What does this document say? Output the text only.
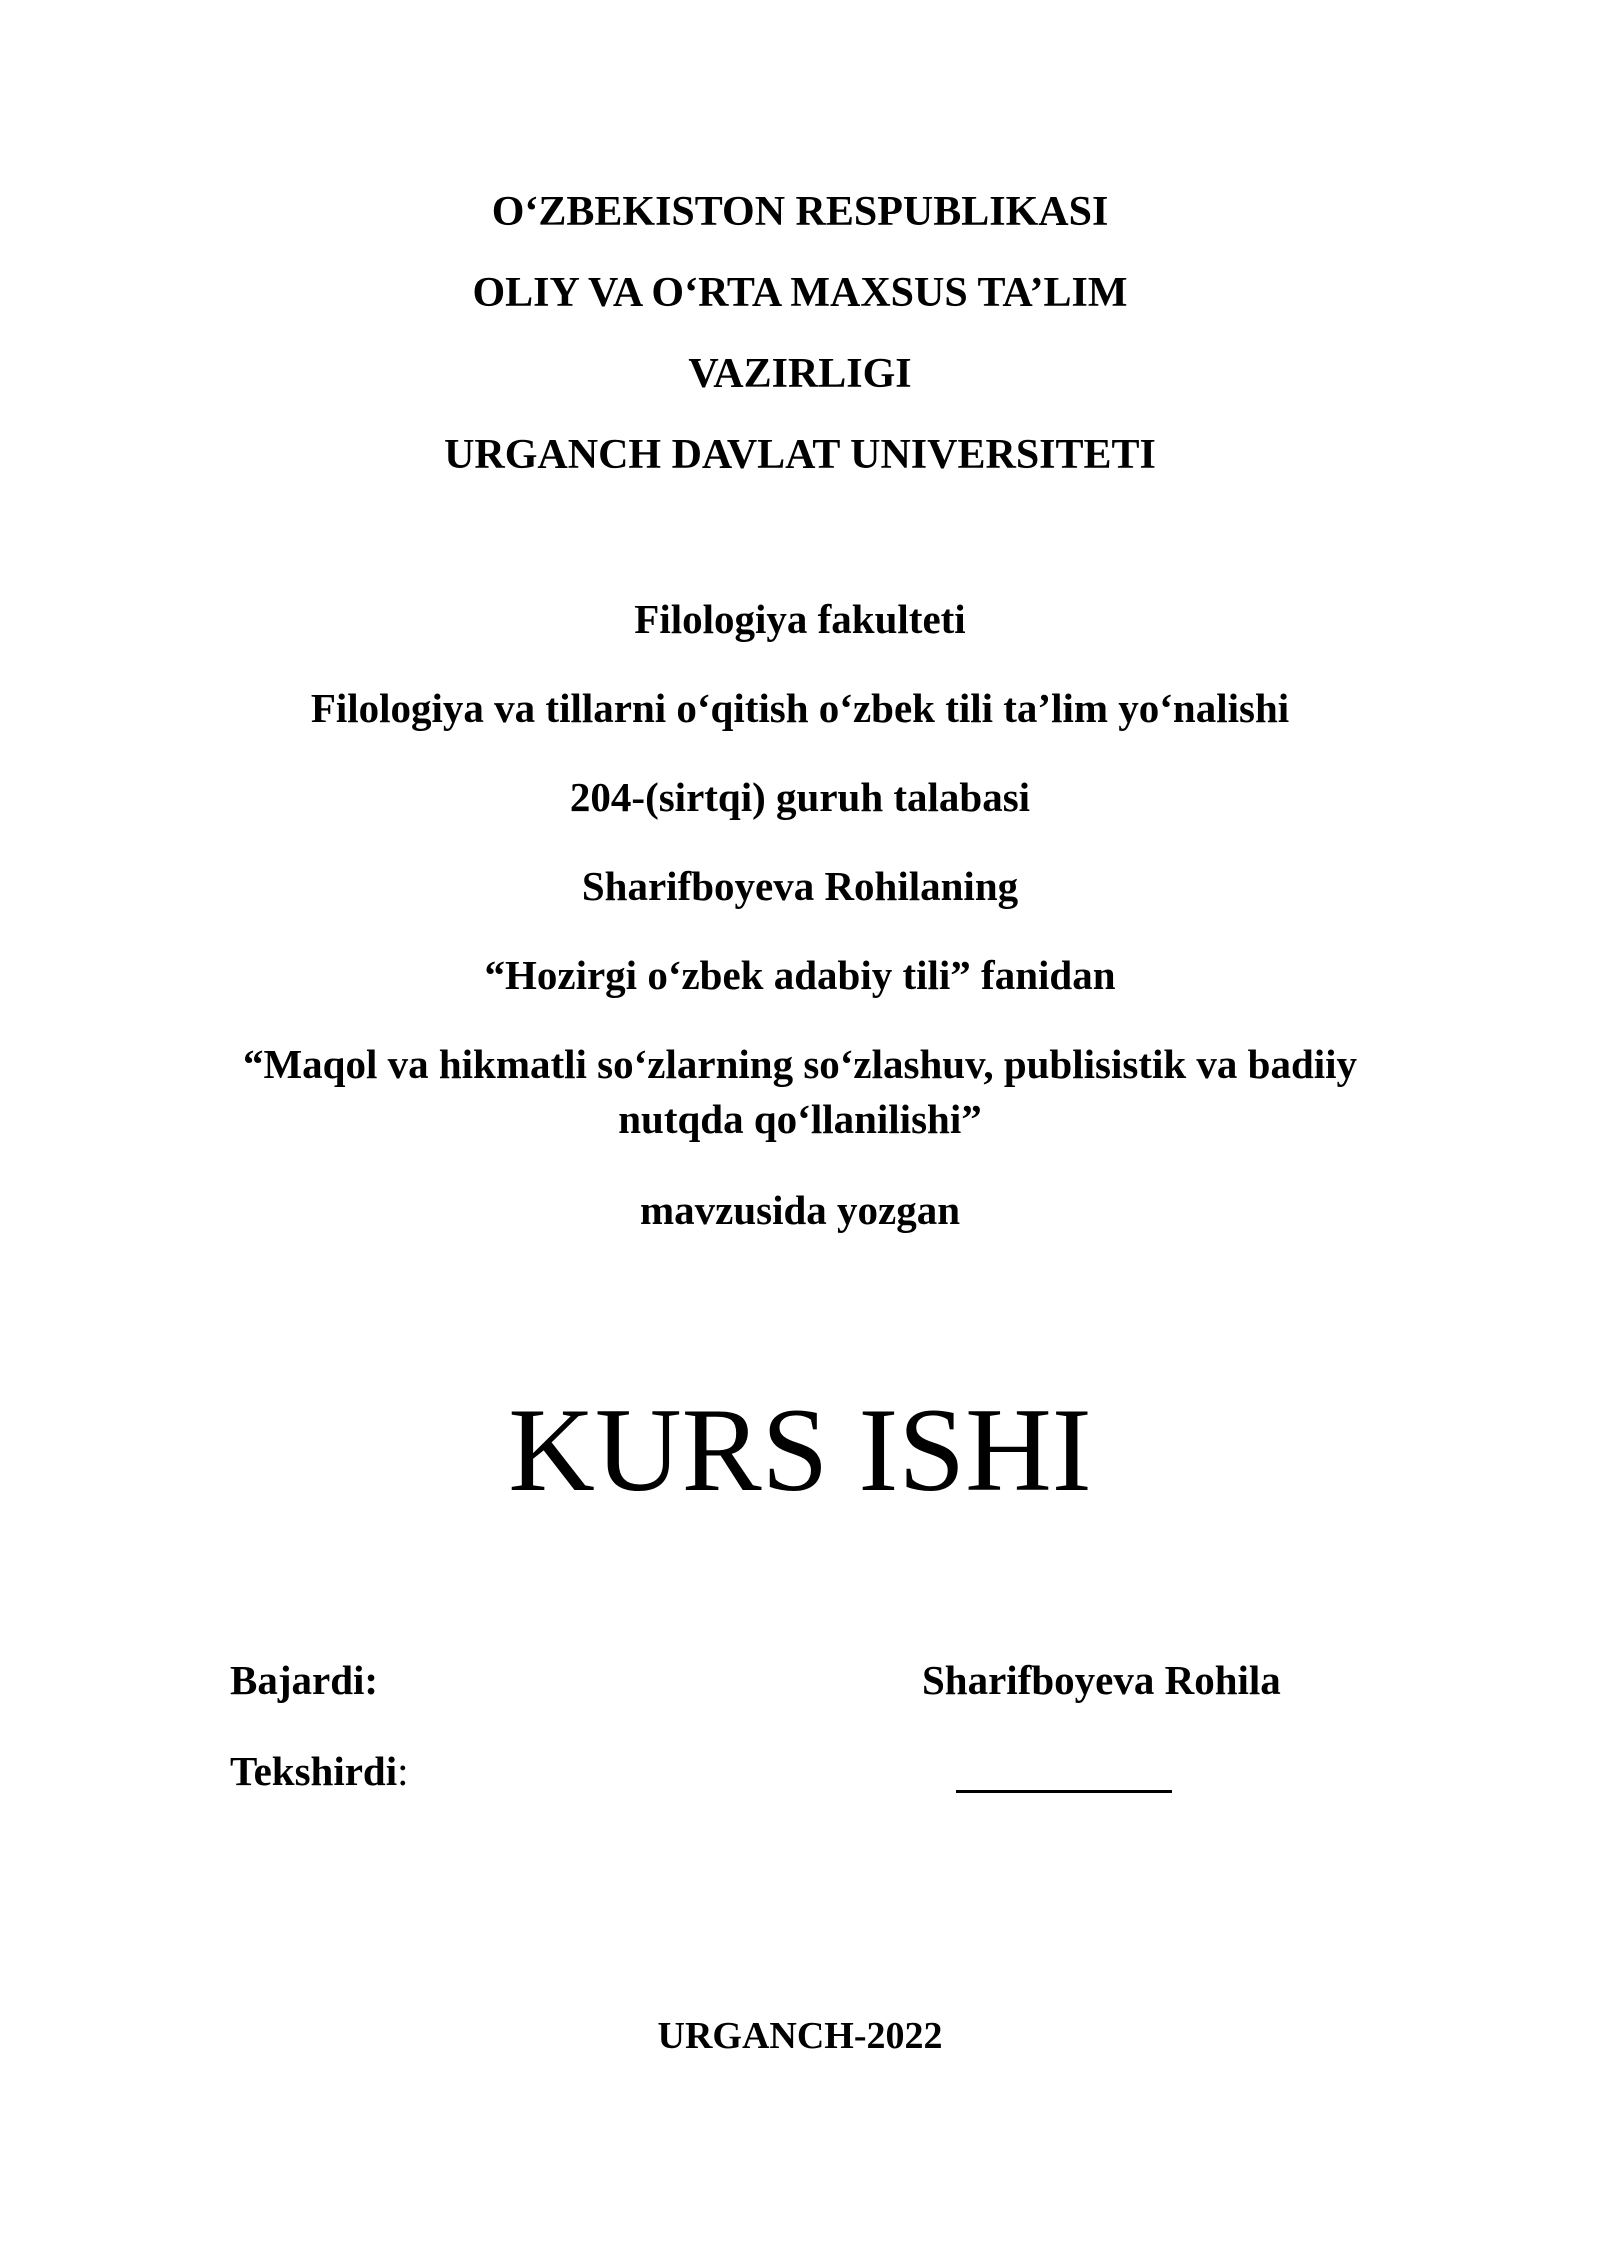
O‘ZBEKISTON RESPUBLIKASI
OLIY VA O‘RTA MAXSUS TA’LIM
VAZIRLIGI
URGANCH DAVLAT UNIVERSITETI
Filologiya fakulteti
Filologiya va tillarni o‘qitish o‘zbek tili ta’lim yo‘nalishi
204-(sirtqi) guruh talabasi
Sharifboyeva Rohilaning
“Hozirgi o‘zbek adabiy tili” fanidan
“Maqol va hikmatli so‘zlarning so‘zlashuv, publisistik va badiiy
nutqda qo‘llanilishi”
mavzusida yozgan
KURS ISHI
Bajardi:	Sharifboyeva Rohila
Tekshirdi:
URGANCH-2022
